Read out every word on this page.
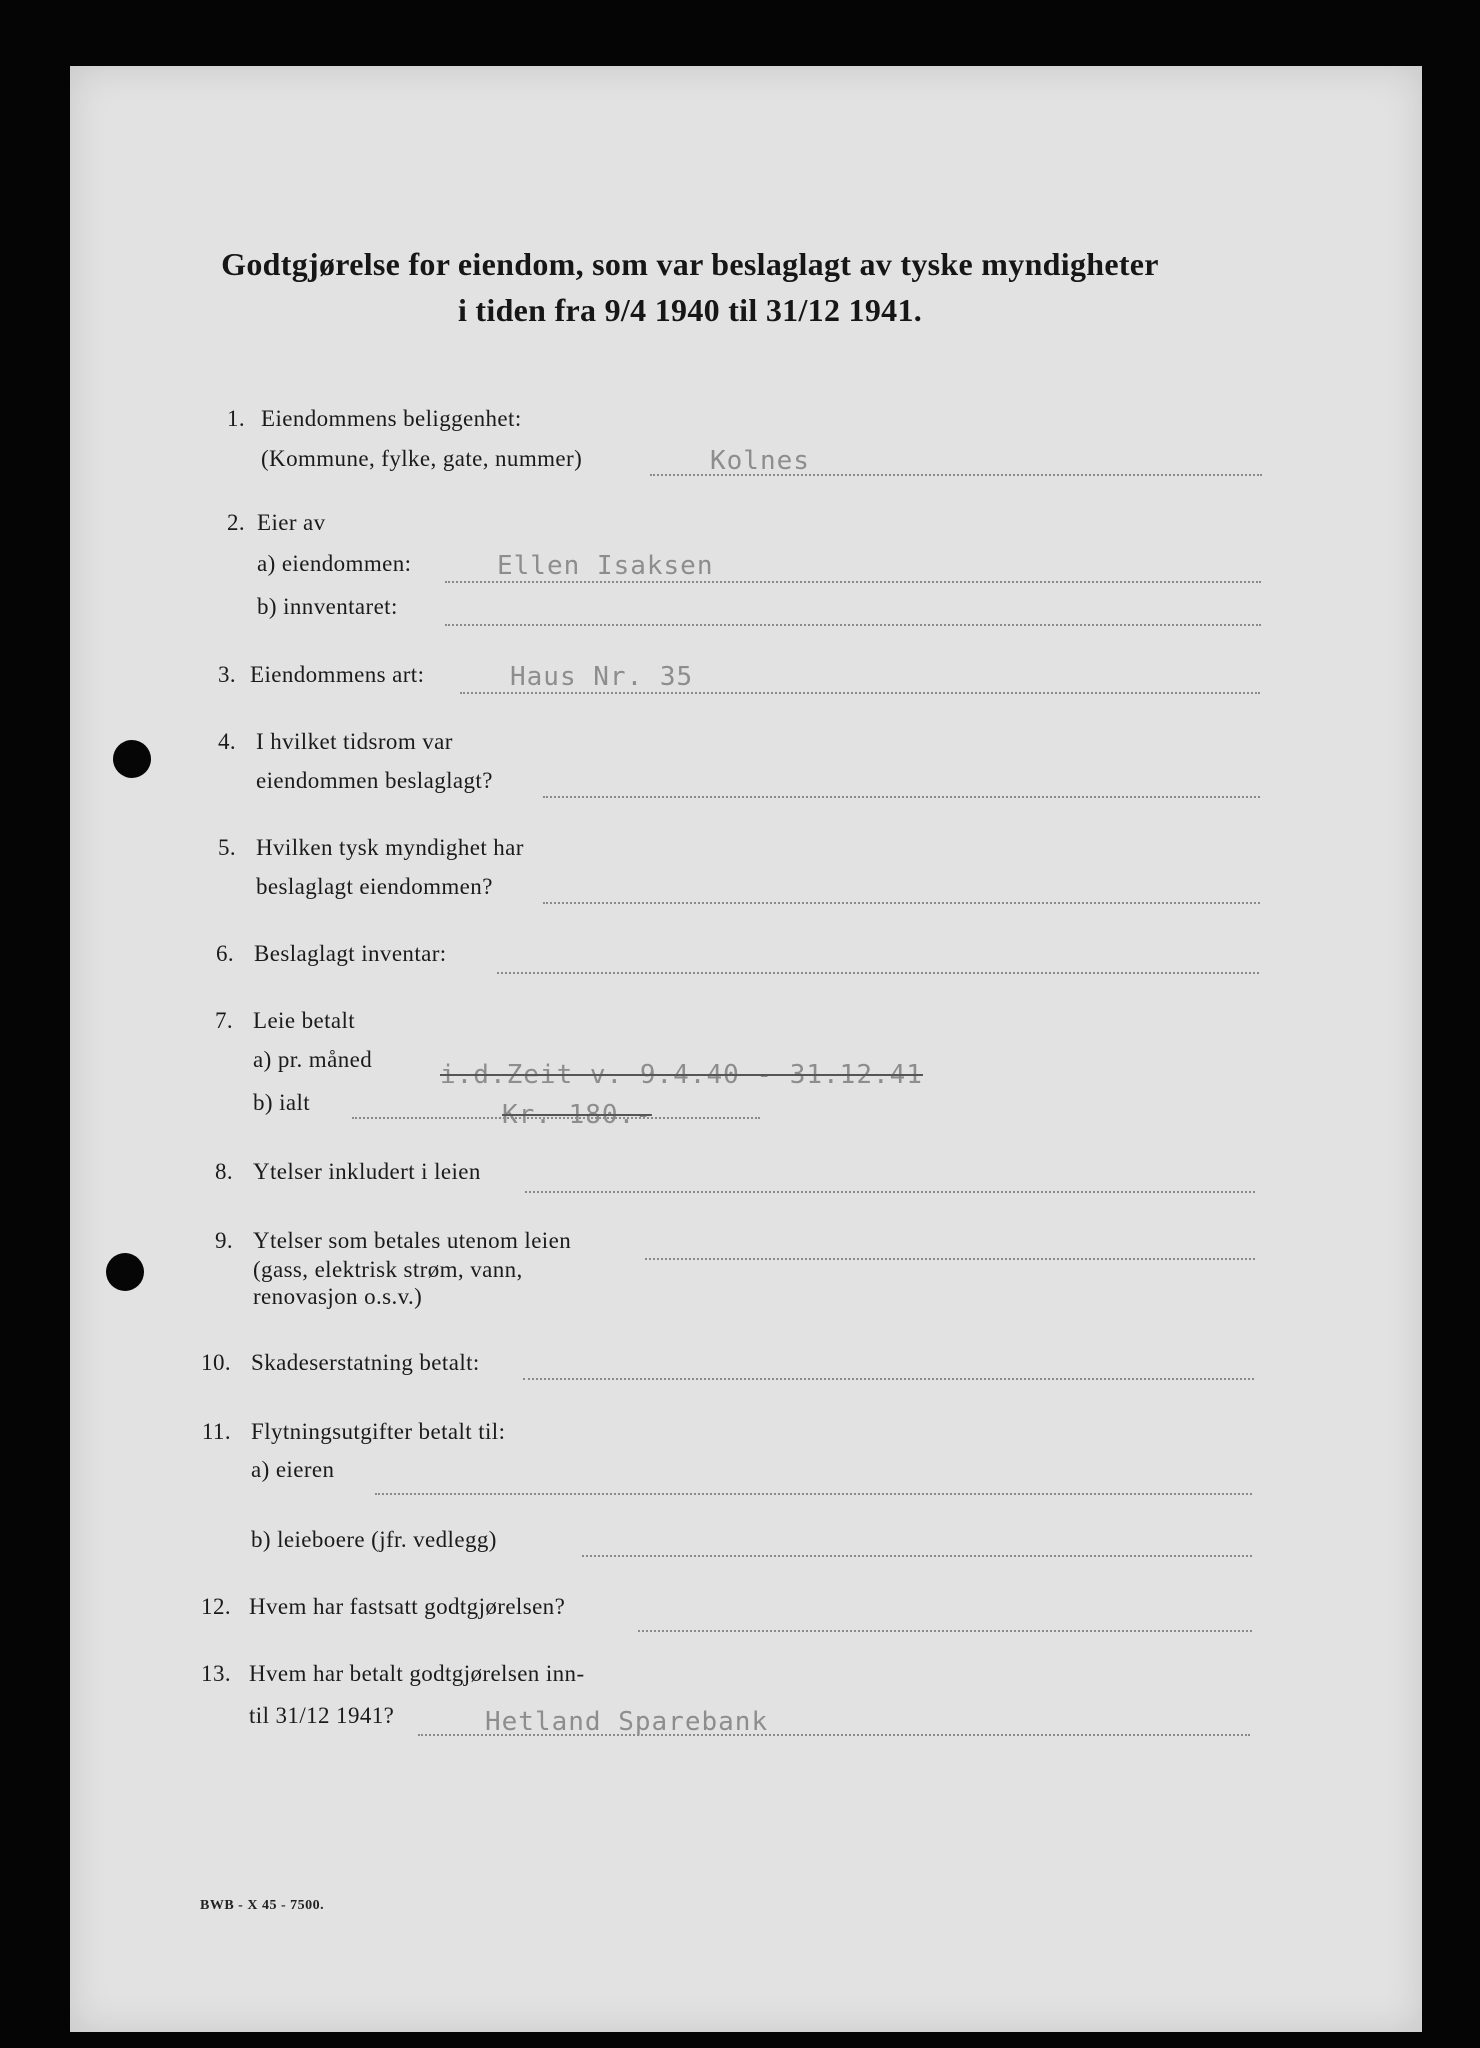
Godtgjørelse for eiendom, som var beslaglagt av tyske myndigheter
i tiden fra 9/4 1940 til 31/12 1941.
1. Eiendommens beliggenhet:
(Kommune, fylke, gate, nummer)	Kolnes
2. Eier av
a) eiendommen:	Ellen Isaksen
b) innventaret:
3. Eiendommens art:	Haus Nr. 35
4. I hvilket tidsrom var
eiendommen beslaglagt?
5. Hvilken tysk myndighet har
beslaglagt eiendommen?
6. Beslaglagt inventar:
7. Leie betalt
a) pr. måned
i.d.Zeit v. 9.4.40 - 31.12.41
b) ialt	Kr. 180.-
8. Ytelser inkludert i leien
9. Ytelser som betales utenom leien
(gass, elektrisk strøm, vann,
renovasjon o.s.v.)
10. Skadeserstatning betalt:
11. Flytningsutgifter betalt til:
a) eieren
b) leieboere (jfr. vedlegg)
12. Hvem har fastsatt godtgjørelsen?
13. Hvem har betalt godtgjørelsen inn-
til 31/12 1941?	Hetland Sparebank
BWB - X 45 - 7500.
